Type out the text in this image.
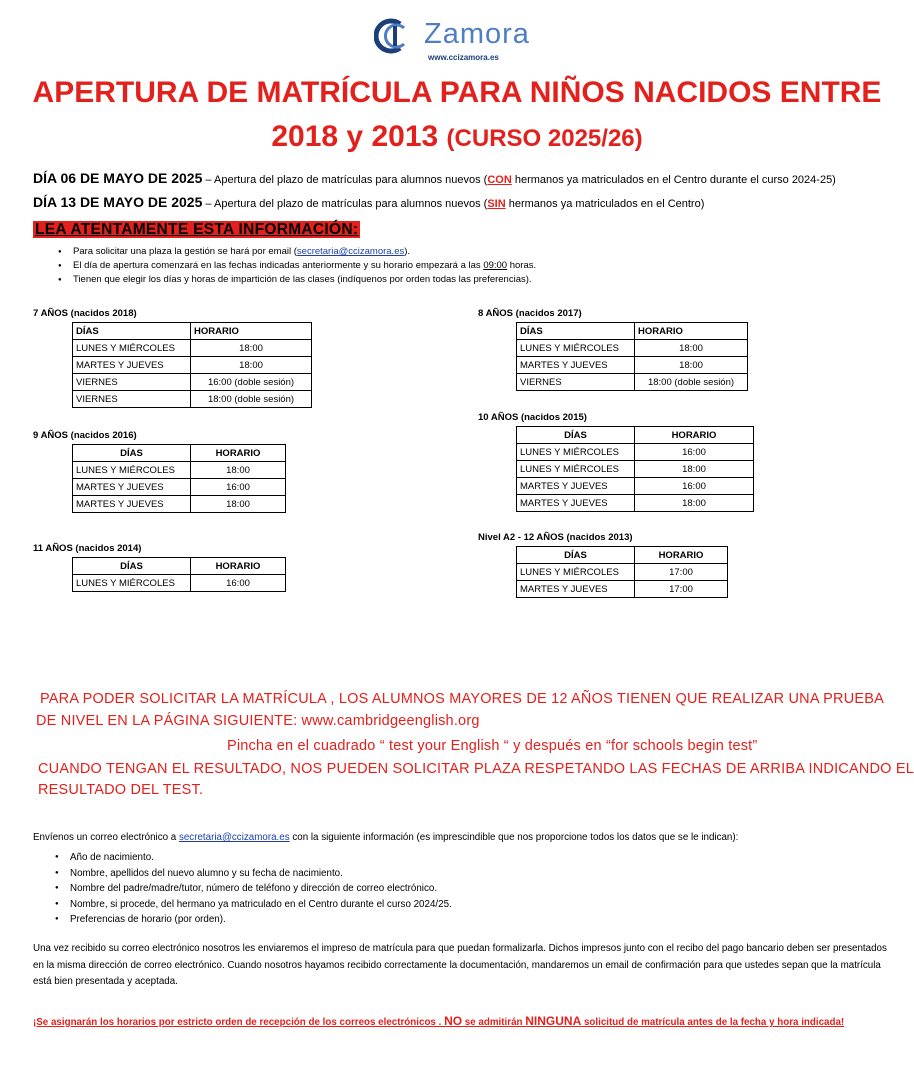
Zamora
www.ccizamora.es
APERTURA DE MATRÍCULA PARA NIÑOS NACIDOS ENTRE
2018 y 2013 (CURSO 2025/26)
DÍA 06 DE MAYO DE 2025 – Apertura del plazo de matrículas para alumnos nuevos (CON hermanos ya matriculados en el Centro durante el curso 2024-25)
DÍA 13 DE MAYO DE 2025 – Apertura del plazo de matrículas para alumnos nuevos (SIN hermanos ya matriculados en el Centro)
LEA ATENTAMENTE ESTA INFORMACIÓN:
● Para solicitar una plaza la gestión se hará por email (secretaria@ccizamora.es).
● El día de apertura comenzará en las fechas indicadas anteriormente y su horario empezará a las 09:00 horas.
● Tienen que elegir los días y horas de impartición de las clases (indíquenos por orden todas las preferencias).
7 AÑOS (nacidos 2018)	8 AÑOS (nacidos 2017)
9 AÑOS (nacidos 2016)
10 AÑOS (nacidos 2015)
11 AÑOS (nacidos 2014)
Nivel A2 - 12 AÑOS (nacidos 2013)
DÍAS	HORARIO
LUNES Y MIÉRCOLES	18:00
MARTES Y JUEVES	18:00
VIERNES	16:00 (doble sesión)
VIERNES	18:00 (doble sesión)
DÍAS	HORARIO
LUNES Y MIÉRCOLES	18:00
MARTES Y JUEVES	18:00
VIERNES	18:00 (doble sesión)
DÍAS	HORARIO
LUNES Y MIÉRCOLES	18:00
MARTES Y JUEVES	16:00
MARTES Y JUEVES	18:00
DÍAS	HORARIO
LUNES Y MIÉRCOLES	16:00
LUNES Y MIÉRCOLES	18:00
MARTES Y JUEVES	16:00
MARTES Y JUEVES	18:00
DÍAS	HORARIO
LUNES Y MIÉRCOLES	16:00
DÍAS	HORARIO
LUNES Y MIÉRCOLES	17:00
MARTES Y JUEVES	17:00
PARA PODER SOLICITAR LA MATRÍCULA , LOS ALUMNOS MAYORES DE 12 AÑOS TIENEN QUE REALIZAR UNA PRUEBA
DE NIVEL EN LA PÁGINA SIGUIENTE: www.cambridgeenglish.org
Pincha en el cuadrado “ test your English “ y después en “for schools begin test”
CUANDO TENGAN EL RESULTADO, NOS PUEDEN SOLICITAR PLAZA RESPETANDO LAS FECHAS DE ARRIBA INDICANDO EL
RESULTADO DEL TEST.
Envíenos un correo electrónico a secretaria@ccizamora.es con la siguiente información (es imprescindible que nos proporcione todos los datos que se le indican):
● Año de nacimiento.
● Nombre, apellidos del nuevo alumno y su fecha de nacimiento.
● Nombre del padre/madre/tutor, número de teléfono y dirección de correo electrónico.
● Nombre, si procede, del hermano ya matriculado en el Centro durante el curso 2024/25.
● Preferencias de horario (por orden).
Una vez recibido su correo electrónico nosotros les enviaremos el impreso de matrícula para que puedan formalizarla. Dichos impresos junto con el recibo del pago bancario deben ser presentados en la misma dirección de correo electrónico. Cuando nosotros hayamos recibido correctamente la documentación, mandaremos un email de confirmación para que ustedes sepan que la matrícula está bien presentada y aceptada.
¡Se asignarán los horarios por estricto orden de recepción de los correos electrónicos . NO se admitirán NINGUNA solicitud de matrícula antes de la fecha y hora indicada!
